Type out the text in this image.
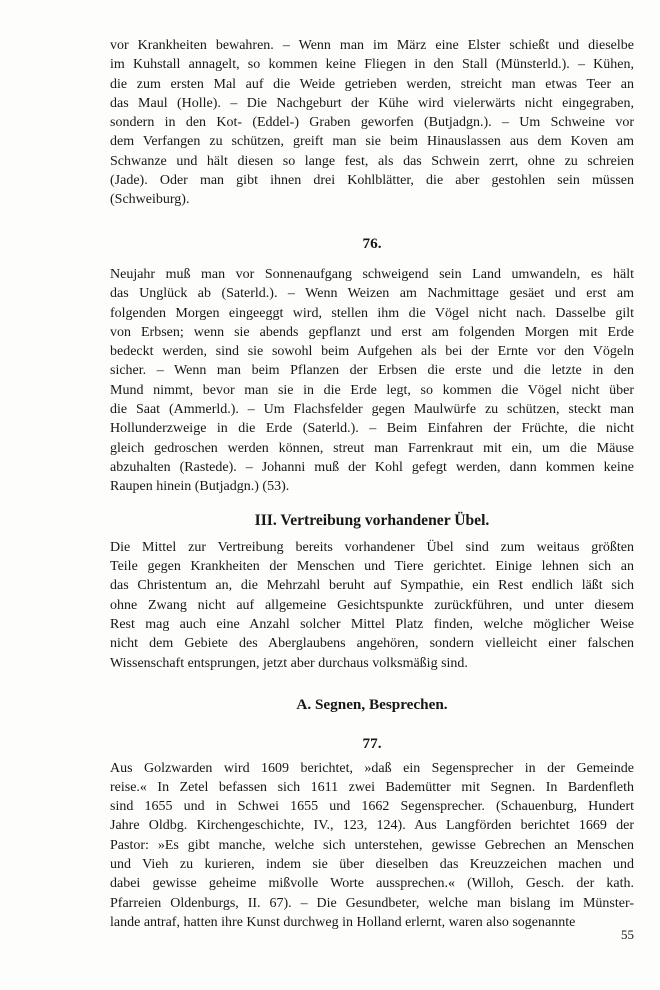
vor Krankheiten bewahren. – Wenn man im März eine Elster schießt und dieselbe
im Kuhstall annagelt, so kommen keine Fliegen in den Stall (Münsterld.). – Kühen,
die zum ersten Mal auf die Weide getrieben werden, streicht man etwas Teer an
das Maul (Holle). – Die Nachgeburt der Kühe wird vielerwärts nicht eingegraben,
sondern in den Kot- (Eddel-) Graben geworfen (Butjadgn.). – Um Schweine vor
dem Verfangen zu schützen, greift man sie beim Hinauslassen aus dem Koven am
Schwanze und hält diesen so lange fest, als das Schwein zerrt, ohne zu schreien
(Jade). Oder man gibt ihnen drei Kohlblätter, die aber gestohlen sein müssen
(Schweiburg).
76.
Neujahr muß man vor Sonnenaufgang schweigend sein Land umwandeln, es hält
das Unglück ab (Saterld.). – Wenn Weizen am Nachmittage gesäet und erst am
folgenden Morgen eingeeggt wird, stellen ihm die Vögel nicht nach. Dasselbe gilt
von Erbsen; wenn sie abends gepflanzt und erst am folgenden Morgen mit Erde
bedeckt werden, sind sie sowohl beim Aufgehen als bei der Ernte vor den Vögeln
sicher. – Wenn man beim Pflanzen der Erbsen die erste und die letzte in den
Mund nimmt, bevor man sie in die Erde legt, so kommen die Vögel nicht über
die Saat (Ammerld.). – Um Flachsfelder gegen Maulwürfe zu schützen, steckt man
Hollunderzweige in die Erde (Saterld.). – Beim Einfahren der Früchte, die nicht
gleich gedroschen werden können, streut man Farrenkraut mit ein, um die Mäuse
abzuhalten (Rastede). – Johanni muß der Kohl gefegt werden, dann kommen keine
Raupen hinein (Butjadgn.) (53).
III. Vertreibung vorhandener Übel.
Die Mittel zur Vertreibung bereits vorhandener Übel sind zum weitaus größten
Teile gegen Krankheiten der Menschen und Tiere gerichtet. Einige lehnen sich an
das Christentum an, die Mehrzahl beruht auf Sympathie, ein Rest endlich läßt sich
ohne Zwang nicht auf allgemeine Gesichtspunkte zurückführen, und unter diesem
Rest mag auch eine Anzahl solcher Mittel Platz finden, welche möglicher Weise
nicht dem Gebiete des Aberglaubens angehören, sondern vielleicht einer falschen
Wissenschaft entsprungen, jetzt aber durchaus volksmäßig sind.
A. Segnen, Besprechen.
77.
Aus Golzwarden wird 1609 berichtet, »daß ein Segensprecher in der Gemeinde
reise.« In Zetel befassen sich 1611 zwei Bademütter mit Segnen. In Bardenfleth
sind 1655 und in Schwei 1655 und 1662 Segensprecher. (Schauenburg, Hundert
Jahre Oldbg. Kirchengeschichte, IV., 123, 124). Aus Langförden berichtet 1669 der
Pastor: »Es gibt manche, welche sich unterstehen, gewisse Gebrechen an Menschen
und Vieh zu kurieren, indem sie über dieselben das Kreuzzeichen machen und
dabei gewisse geheime mißvolle Worte aussprechen.« (Willoh, Gesch. der kath.
Pfarreien Oldenburgs, II. 67). – Die Gesundbeter, welche man bislang im Münster-
lande antraf, hatten ihre Kunst durchweg in Holland erlernt, waren also sogenannte
55
